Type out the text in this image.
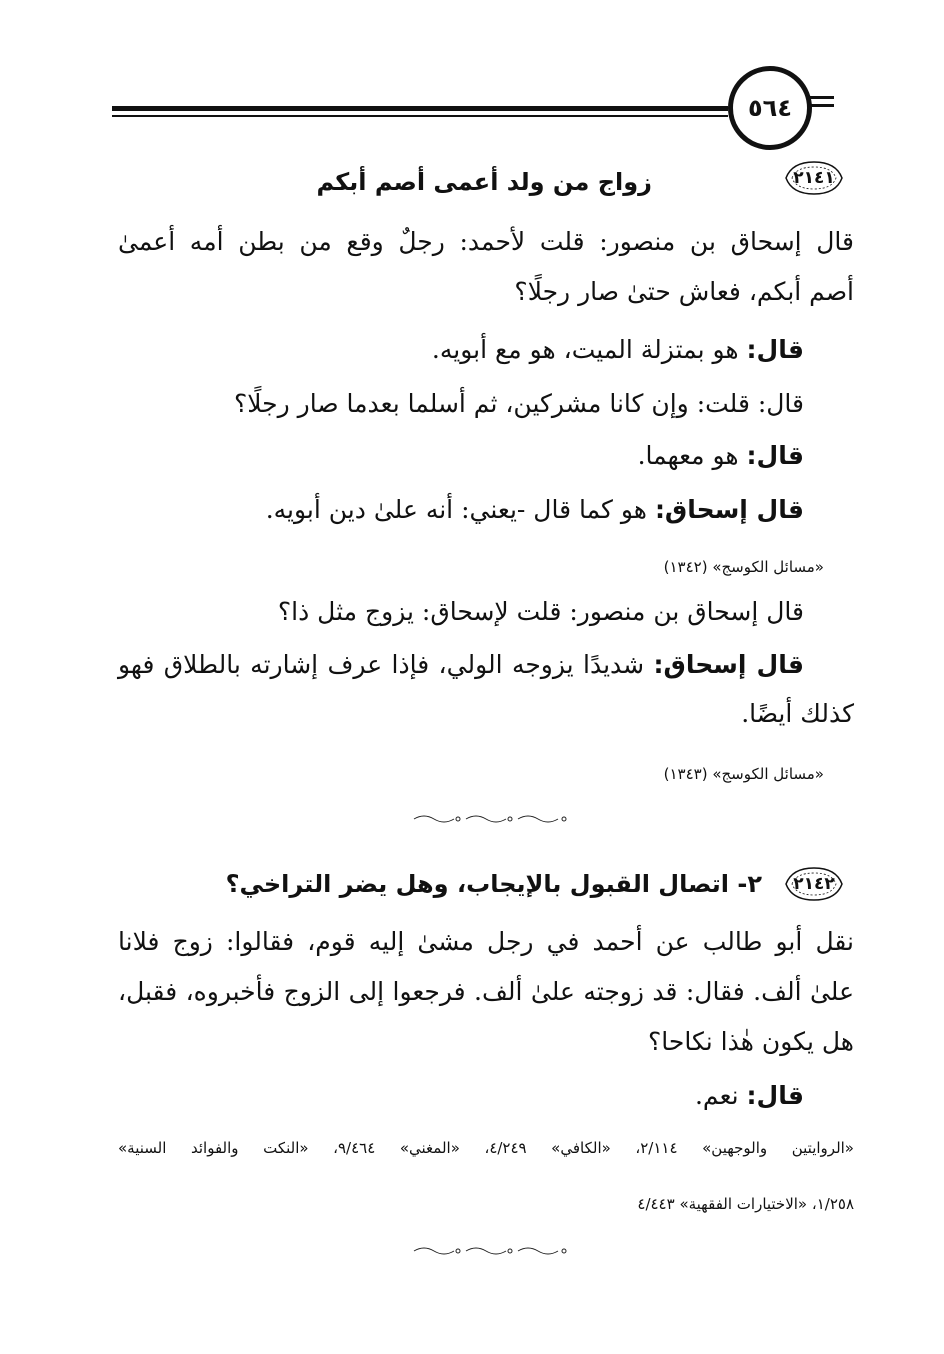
٥٦٤
٢١٤١
زواج من ولد أعمى أصم أبكم
قال إسحاق بن منصور: قلت لأحمد: رجلٌ وقع من بطن أمه أعمىٰ
أصم أبكم، فعاش حتىٰ صار رجلًا؟
قال: هو بمتزلة الميت، هو مع أبويه.
قال: قلت: وإن كانا مشركين، ثم أسلما بعدما صار رجلًا؟
قال: هو معهما.
قال إسحاق: هو كما قال -يعني: أنه علىٰ دين أبويه.
«مسائل الكوسج» (١٣٤٢)
قال إسحاق بن منصور: قلت لإسحاق: يزوج مثل ذا؟
قال إسحاق: شديدًا يزوجه الولي، فإذا عرف إشارته بالطلاق فهو
كذلك أيضًا.
«مسائل الكوسج» (١٣٤٣)
٢١٤٢
٢- اتصال القبول بالإيجاب، وهل يضر التراخي؟
نقل أبو طالب عن أحمد في رجل مشىٰ إليه قوم، فقالوا: زوج فلانا
علىٰ ألف. فقال: قد زوجته علىٰ ألف. فرجعوا إلى الزوج فأخبروه، فقبل،
هل يكون هٰذا نكاحا؟
قال: نعم.
«الروايتين والوجهين» ٢/١١٤، «الكافي» ٤/٢٤٩، «المغني» ٩/٤٦٤، «النكت والفوائد السنية»
١/٢٥٨، «الاختيارات الفقهية» ٤/٤٤٣
